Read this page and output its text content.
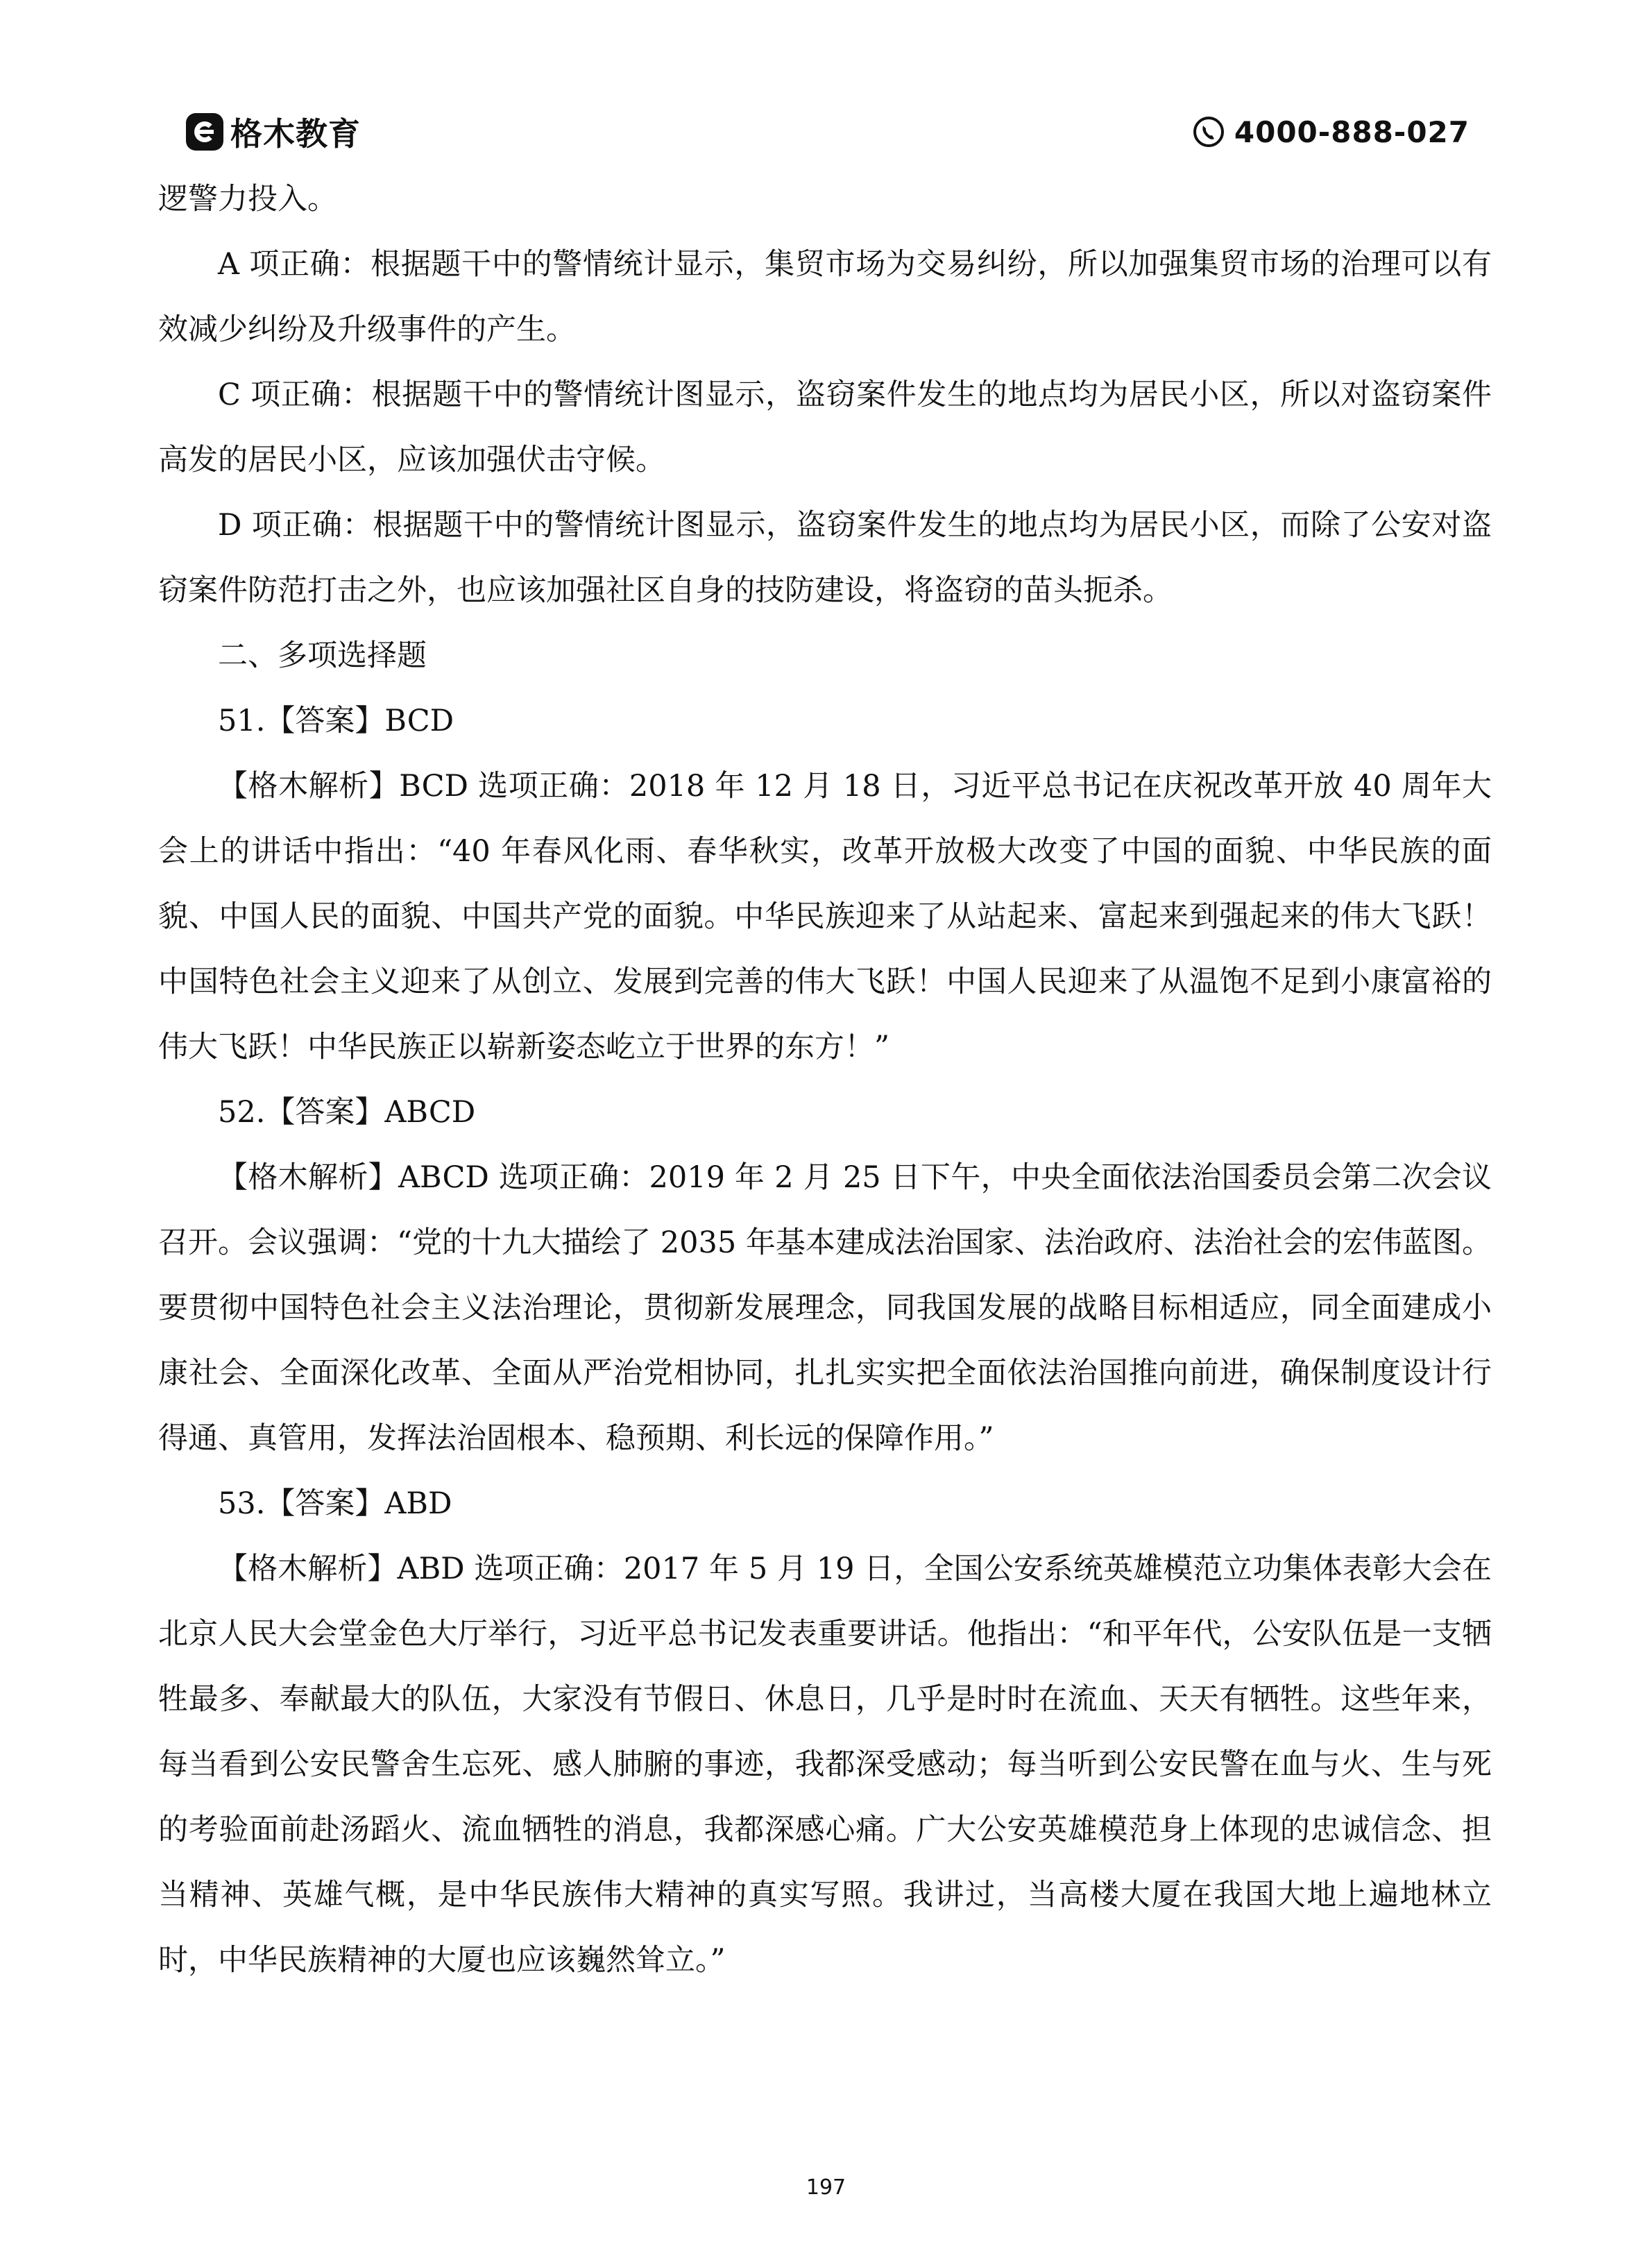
格木教育	4000-888-027

逻警力投入。

A 项正确：根据题干中的警情统计显示，集贸市场为交易纠纷，所以加强集贸市场的治理可以有效减少纠纷及升级事件的产生。

C 项正确：根据题干中的警情统计图显示，盗窃案件发生的地点均为居民小区，所以对盗窃案件高发的居民小区，应该加强伏击守候。

D 项正确：根据题干中的警情统计图显示，盗窃案件发生的地点均为居民小区，而除了公安对盗窃案件防范打击之外，也应该加强社区自身的技防建设，将盗窃的苗头扼杀。

二、多项选择题

51.【答案】BCD

【格木解析】BCD 选项正确：2018 年 12 月 18 日，习近平总书记在庆祝改革开放 40 周年大会上的讲话中指出：“40 年春风化雨、春华秋实，改革开放极大改变了中国的面貌、中华民族的面貌、中国人民的面貌、中国共产党的面貌。中华民族迎来了从站起来、富起来到强起来的伟大飞跃！中国特色社会主义迎来了从创立、发展到完善的伟大飞跃！中国人民迎来了从温饱不足到小康富裕的伟大飞跃！中华民族正以崭新姿态屹立于世界的东方！”

52.【答案】ABCD

【格木解析】ABCD 选项正确：2019 年 2 月 25 日下午，中央全面依法治国委员会第二次会议召开。会议强调：“党的十九大描绘了 2035 年基本建成法治国家、法治政府、法治社会的宏伟蓝图。要贯彻中国特色社会主义法治理论，贯彻新发展理念，同我国发展的战略目标相适应，同全面建成小康社会、全面深化改革、全面从严治党相协同，扎扎实实把全面依法治国推向前进，确保制度设计行得通、真管用，发挥法治固根本、稳预期、利长远的保障作用。”

53.【答案】ABD

【格木解析】ABD 选项正确：2017 年 5 月 19 日，全国公安系统英雄模范立功集体表彰大会在北京人民大会堂金色大厅举行，习近平总书记发表重要讲话。他指出：“和平年代，公安队伍是一支牺牲最多、奉献最大的队伍，大家没有节假日、休息日，几乎是时时在流血、天天有牺牲。这些年来，每当看到公安民警舍生忘死、感人肺腑的事迹，我都深受感动；每当听到公安民警在血与火、生与死的考验面前赴汤蹈火、流血牺牲的消息，我都深感心痛。广大公安英雄模范身上体现的忠诚信念、担当精神、英雄气概，是中华民族伟大精神的真实写照。我讲过，当高楼大厦在我国大地上遍地林立时，中华民族精神的大厦也应该巍然耸立。”

197
